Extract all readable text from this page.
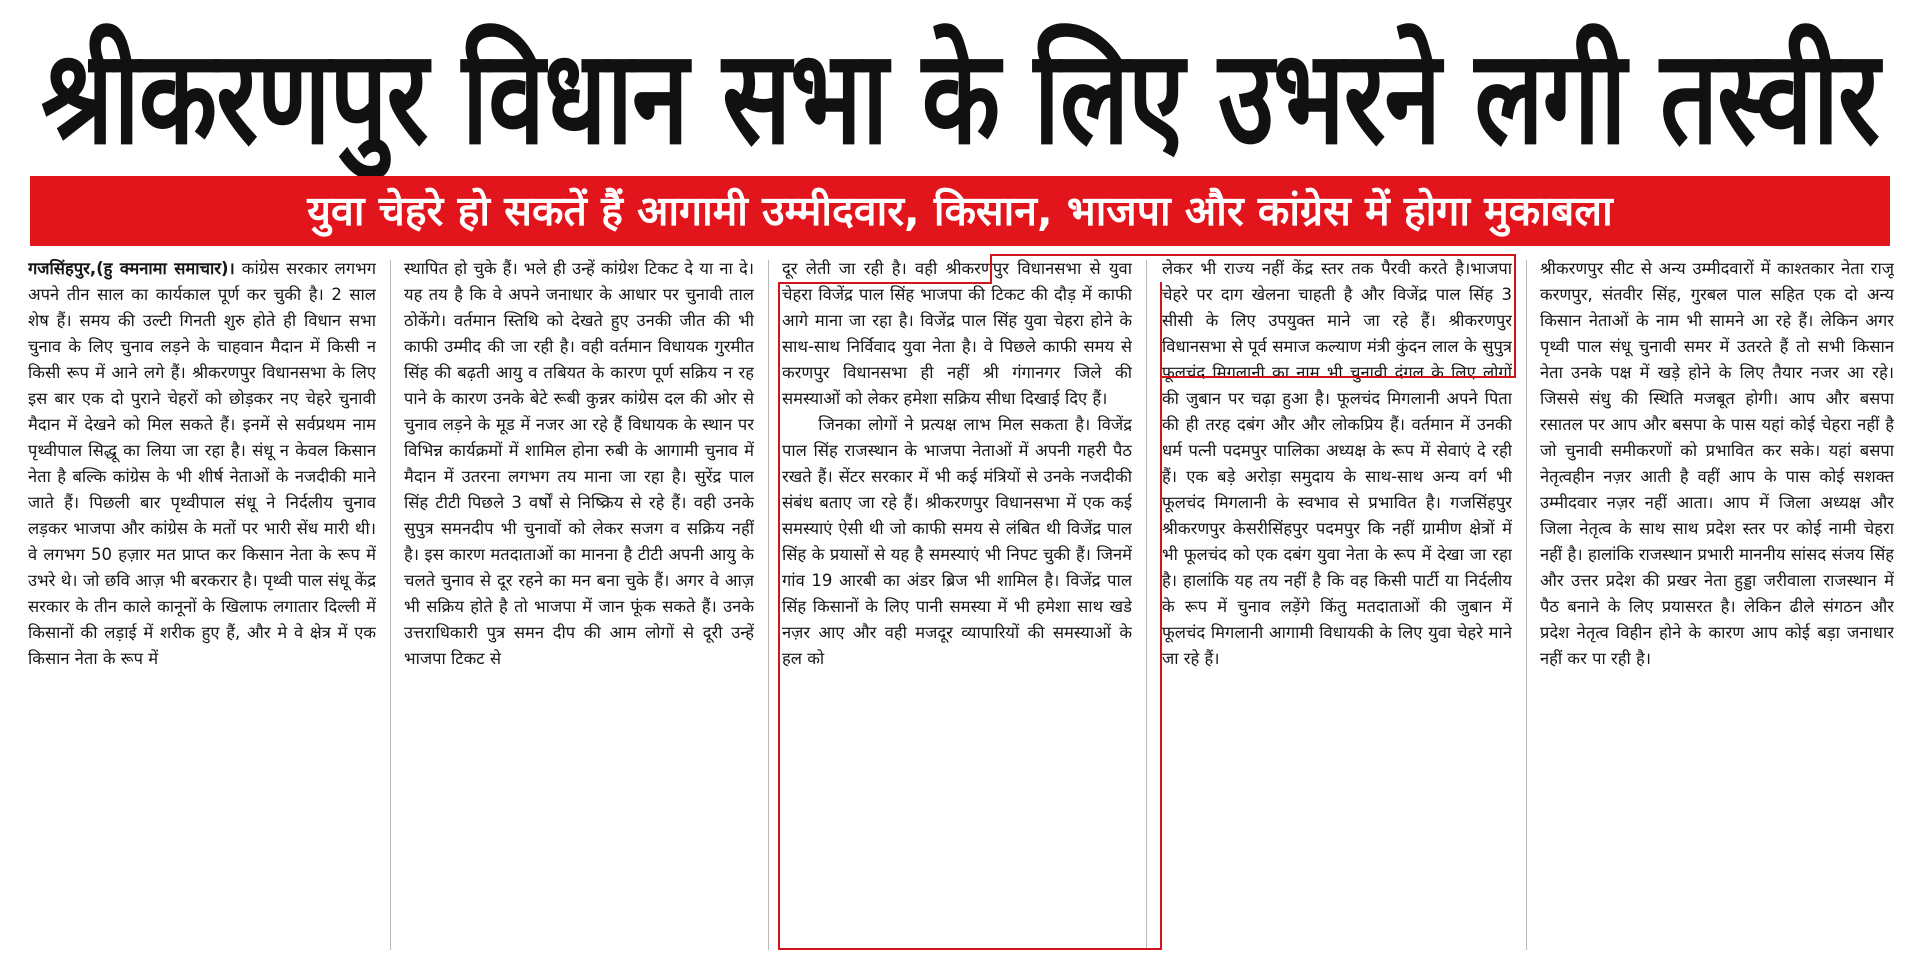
श्रीकरणपुर विधान सभा के लिए उभरने लगी तस्वीर
युवा चेहरे हो सकतें हैं आगामी उम्मीदवार, किसान, भाजपा और कांग्रेस में होगा मुकाबला

गजसिंहपुर,(हु क्मनामा समाचार)। कांग्रेस सरकार लगभग अपने तीन साल का कार्यकाल पूर्ण कर चुकी है। 2 साल शेष हैं। समय की उल्टी गिनती शुरु होते ही विधान सभा चुनाव के लिए चुनाव लड़ने के चाहवान मैदान में किसी न किसी रूप में आने लगे हैं। श्रीकरणपुर विधानसभा के लिए इस बार एक दो पुराने चेहरों को छोड़कर नए चेहरे चुनावी मैदान में देखने को मिल सकते हैं। इनमें से सर्वप्रथम नाम पृथ्वीपाल सिद्धू का लिया जा रहा है। संधू न केवल किसान नेता है बल्कि कांग्रेस के भी शीर्ष नेताओं के नजदीकी माने जाते हैं। पिछली बार पृथ्वीपाल संधू ने निर्दलीय चुनाव लड़कर भाजपा और कांग्रेस के मतों पर भारी सेंध मारी थी। वे लगभग 50 हज़ार मत प्राप्त कर किसान नेता के रूप में उभरे थे। जो छवि आज़ भी बरकरार है। पृथ्वी पाल संधू केंद्र सरकार के तीन काले कानूनों के खिलाफ लगातार दिल्ली में किसानों की लड़ाई में शरीक हुए हैं, और मे वे क्षेत्र में एक किसान नेता के रूप में

स्थापित हो चुके हैं। भले ही उन्हें कांग्रेश टिकट दे या ना दे। यह तय है कि वे अपने जनाधार के आधार पर चुनावी ताल ठोकेंगे। वर्तमान स्तिथि को देखते हुए उनकी जीत की भी काफी उम्मीद की जा रही है। वही वर्तमान विधायक गुरमीत सिंह की बढ़ती आयु व तबियत के कारण पूर्ण सक्रिय न रह पाने के कारण उनके बेटे रूबी कुन्नर कांग्रेस दल की ओर से चुनाव लड़ने के मूड में नजर आ रहे हैं विधायक के स्थान पर विभिन्न कार्यक्रमों में शामिल होना रुबी के आगामी चुनाव में मैदान में उतरना लगभग तय माना जा रहा है। सुरेंद्र पाल सिंह टीटी पिछले 3 वर्षों से निष्क्रिय से रहे हैं। वही उनके सुपुत्र समनदीप भी चुनावों को लेकर सजग व सक्रिय नहीं है। इस कारण मतदाताओं का मानना है टीटी अपनी आयु के चलते चुनाव से दूर रहने का मन बना चुके हैं। अगर वे आज़ भी सक्रिय होते है तो भाजपा में जान फूंक सकते हैं। उनके उत्तराधिकारी पुत्र समन दीप की आम लोगों से दूरी उन्हें भाजपा टिकट से

दूर लेती जा रही है। वही श्रीकरणपुर विधानसभा से युवा चेहरा विजेंद्र पाल सिंह भाजपा की टिकट की दौड़ में काफी आगे माना जा रहा है। विजेंद्र पाल सिंह युवा चेहरा होने के साथ-साथ निर्विवाद युवा नेता है। वे पिछले काफी समय से करणपुर विधानसभा ही नहीं श्री गंगानगर जिले की समस्याओं को लेकर हमेशा सक्रिय सीधा दिखाई दिए हैं।

जिनका लोगों ने प्रत्यक्ष लाभ मिल सकता है। विजेंद्र पाल सिंह राजस्थान के भाजपा नेताओं में अपनी गहरी पैठ रखते हैं। सेंटर सरकार में भी कई मंत्रियों से उनके नजदीकी संबंध बताए जा रहे हैं। श्रीकरणपुर विधानसभा में एक कई समस्याएं ऐसी थी जो काफी समय से लंबित थी विजेंद्र पाल सिंह के प्रयासों से यह है समस्याएं भी निपट चुकी हैं। जिनमें गांव 19 आरबी का अंडर ब्रिज भी शामिल है। विजेंद्र पाल सिंह किसानों के लिए पानी समस्या में भी हमेशा साथ खडे नज़र आए और वही मजदूर व्यापारियों की समस्याओं के हल को

लेकर भी राज्य नहीं केंद्र स्तर तक पैरवी करते है।भाजपा चेहरे पर दाग खेलना चाहती है और विजेंद्र पाल सिंह 3 सीसी के लिए उपयुक्त माने जा रहे हैं। श्रीकरणपुर विधानसभा से पूर्व समाज कल्याण मंत्री कुंदन लाल के सुपुत्र फूलचंद मिगलानी का नाम भी चुनावी दंगल के लिए लोगों की जुबान पर चढ़ा हुआ है। फूलचंद मिगलानी अपने पिता की ही तरह दबंग और और लोकप्रिय हैं। वर्तमान में उनकी धर्म पत्नी पदमपुर पालिका अध्यक्ष के रूप में सेवाएं दे रही हैं। एक बड़े अरोड़ा समुदाय के साथ-साथ अन्य वर्ग भी फूलचंद मिगलानी के स्वभाव से प्रभावित है। गजसिंहपुर श्रीकरणपुर केसरीसिंहपुर पदमपुर कि नहीं ग्रामीण क्षेत्रों में भी फूलचंद को एक दबंग युवा नेता के रूप में देखा जा रहा है। हालांकि यह तय नहीं है कि वह किसी पार्टी या निर्दलीय के रूप में चुनाव लड़ेंगे किंतु मतदाताओं की जुबान में फूलचंद मिगलानी आगामी विधायकी के लिए युवा चेहरे माने जा रहे हैं।

श्रीकरणपुर सीट से अन्य उम्मीदवारों में काश्तकार नेता राजू करणपुर, संतवीर सिंह, गुरबल पाल सहित एक दो अन्य किसान नेताओं के नाम भी सामने आ रहे हैं। लेकिन अगर पृथ्वी पाल संधू चुनावी समर में उतरते हैं तो सभी किसान नेता उनके पक्ष में खड़े होने के लिए तैयार नजर आ रहे। जिससे संधु की स्थिति मजबूत होगी। आप और बसपा रसातल पर आप और बसपा के पास यहां कोई चेहरा नहीं है जो चुनावी समीकरणों को प्रभावित कर सके। यहां बसपा नेतृत्वहीन नज़र आती है वहीं आप के पास कोई सशक्त उम्मीदवार नज़र नहीं आता। आप में जिला अध्यक्ष और जिला नेतृत्व के साथ साथ प्रदेश स्तर पर कोई नामी चेहरा नहीं है। हालांकि राजस्थान प्रभारी माननीय सांसद संजय सिंह और उत्तर प्रदेश की प्रखर नेता हुड्डा जरीवाला राजस्थान में पैठ बनाने के लिए प्रयासरत है। लेकिन ढीले संगठन और प्रदेश नेतृत्व विहीन होने के कारण आप कोई बड़ा जनाधार नहीं कर पा रही है।
